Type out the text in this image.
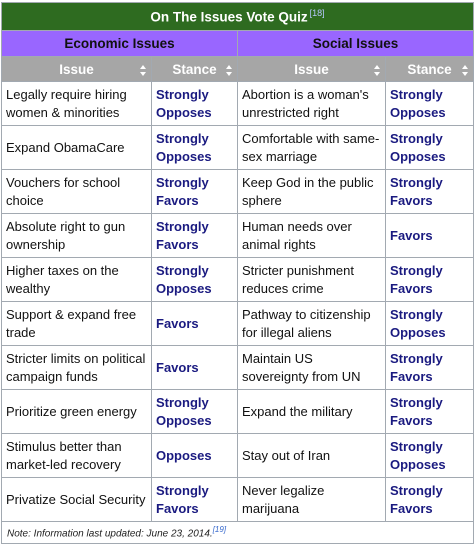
On The Issues Vote Quiz [18]
Economic Issues		Social Issues	
Issue	Stance	Issue	Stance

Legally require hiring women & minorities	Strongly Opposes	Abortion is a woman's unrestricted right	Strongly Opposes
Expand ObamaCare	Strongly Opposes	Comfortable with same-sex marriage	Strongly Opposes
Vouchers for school choice	Strongly Favors	Keep God in the public sphere	Strongly Favors
Absolute right to gun ownership	Strongly Favors	Human needs over animal rights	Favors
Higher taxes on the wealthy	Strongly Opposes	Stricter punishment reduces crime	Strongly Favors
Support & expand free trade	Favors	Pathway to citizenship for illegal aliens	Strongly Opposes
Stricter limits on political campaign funds	Favors	Maintain US sovereignty from UN	Strongly Favors
Prioritize green energy	Strongly Opposes	Expand the military	Strongly Favors
Stimulus better than market-led recovery	Opposes	Stay out of Iran	Strongly Opposes
Privatize Social Security	Strongly Favors	Never legalize marijuana	Strongly Favors
Note: Information last updated: June 23, 2014.[19]
